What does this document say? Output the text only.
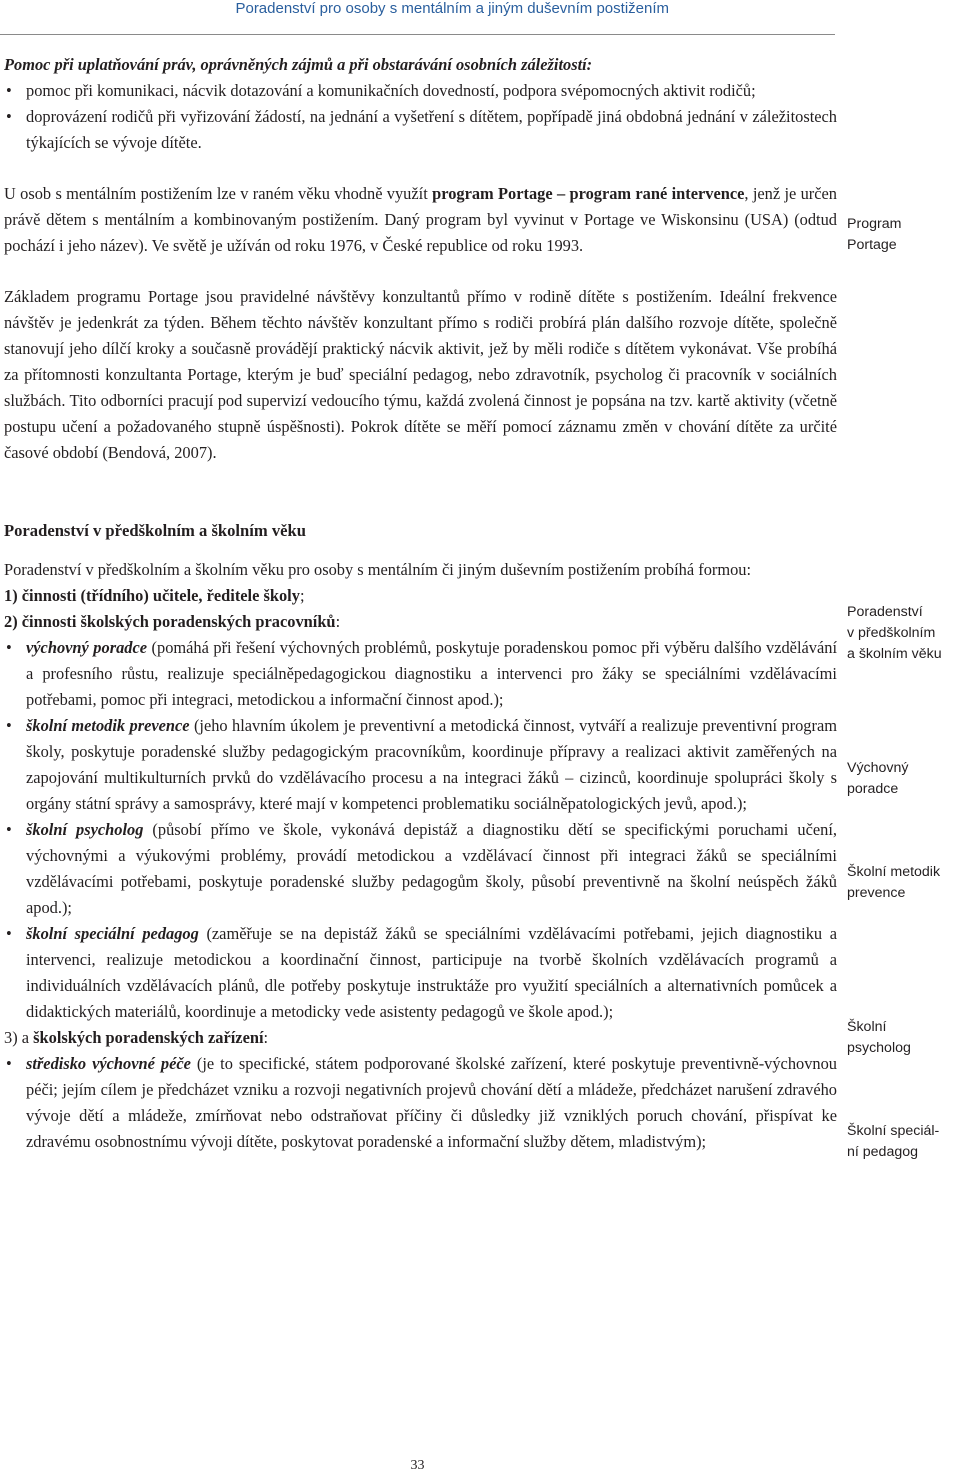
Poradenství pro osoby s mentálním a jiným duševním postižením

Pomoc při uplatňování práv, oprávněných zájmů a při obstarávání osobních záležitostí:

• pomoc při komunikaci, nácvik dotazování a komunikačních dovedností, podpora svépomocných aktivit rodičů;
• doprovázení rodičů při vyřizování žádostí, na jednání a vyšetření s dítětem, popřípadě jiná obdobná jednání v záležitostech týkajících se vývoje dítěte.

U osob s mentálním postižením lze v raném věku vhodně využít program Portage – program rané intervence, jenž je určen právě dětem s mentálním a kombinovaným postižením. Daný program byl vyvinut v Portage ve Wiskonsinu (USA) (odtud pochází i jeho název). Ve světě je užíván od roku 1976, v České republice od roku 1993.

Základem programu Portage jsou pravidelné návštěvy konzultantů přímo v rodině dítěte s postižením. Ideální frekvence návštěv je jedenkrát za týden. Během těchto návštěv konzultant přímo s rodiči probírá plán dalšího rozvoje dítěte, společně stanovují jeho dílčí kroky a současně provádějí praktický nácvik aktivit, jež by měli rodiče s dítětem vykonávat. Vše probíhá za přítomnosti konzultanta Portage, kterým je buď speciální pedagog, nebo zdravotník, psycholog či pracovník v sociálních službách. Tito odborníci pracují pod supervizí vedoucího týmu, každá zvolená činnost je popsána na tzv. kartě aktivity (včetně postupu učení a požadovaného stupně úspěšnosti). Pokrok dítěte se měří pomocí záznamu změn v chování dítěte za určité časové období (Bendová, 2007).

Poradenství v předškolním a školním věku

Poradenství v předškolním a školním věku pro osoby s mentálním či jiným duševním postižením probíhá formou:

1) činnosti (třídního) učitele, ředitele školy;

2) činnosti školských poradenských pracovníků:

• výchovný poradce (pomáhá při řešení výchovných problémů, poskytuje poradenskou pomoc při výběru dalšího vzdělávání a profesního růstu, realizuje speciálněpedagogickou diagnostiku a intervenci pro žáky se speciálními vzdělávacími potřebami, pomoc při integraci, metodickou a informační činnost apod.);
• školní metodik prevence (jeho hlavním úkolem je preventivní a metodická činnost, vytváří a realizuje preventivní program školy, poskytuje poradenské služby pedagogickým pracovníkům, koordinuje přípravy a realizaci aktivit zaměřených na zapojování multikulturních prvků do vzdělávacího procesu a na integraci žáků – cizinců, koordinuje spolupráci školy s orgány státní správy a samosprávy, které mají v kompetenci problematiku sociálněpatologických jevů, apod.);
• školní psycholog (působí přímo ve škole, vykonává depistáž a diagnostiku dětí se specifickými poruchami učení, výchovnými a výukovými problémy, provádí metodickou a vzdělávací činnost při integraci žáků se speciálními vzdělávacími potřebami, poskytuje poradenské služby pedagogům školy, působí preventivně na školní neúspěch žáků apod.);
• školní speciální pedagog (zaměřuje se na depistáž žáků se speciálními vzdělávacími potřebami, jejich diagnostiku a intervenci, realizuje metodickou a koordinační činnost, participuje na tvorbě školních vzdělávacích programů a individuálních vzdělávacích plánů, dle potřeby poskytuje instruktáže pro využití speciálních a alternativních pomůcek a didaktických materiálů, koordinuje a metodicky vede asistenty pedagogů ve škole apod.);

3) a školských poradenských zařízení:

• středisko výchovné péče (je to specifické, státem podporované školské zařízení, které poskytuje preventivně-výchovnou péči; jejím cílem je předcházet vzniku a rozvoji negativních projevů chování dětí a mládeže, předcházet narušení zdravého vývoje dětí a mládeže, zmírňovat nebo odstraňovat příčiny či důsledky již vzniklých poruch chování, přispívat ke zdravému osobnostnímu vývoji dítěte, poskytovat poradenské a informační služby dětem, mladistvým);
Program
Portage
Poradenství
v předškolním
a školním věku
Výchovný
poradce
Školní metodik
prevence
Školní
psycholog
Školní speciál-
ní pedagog
33
